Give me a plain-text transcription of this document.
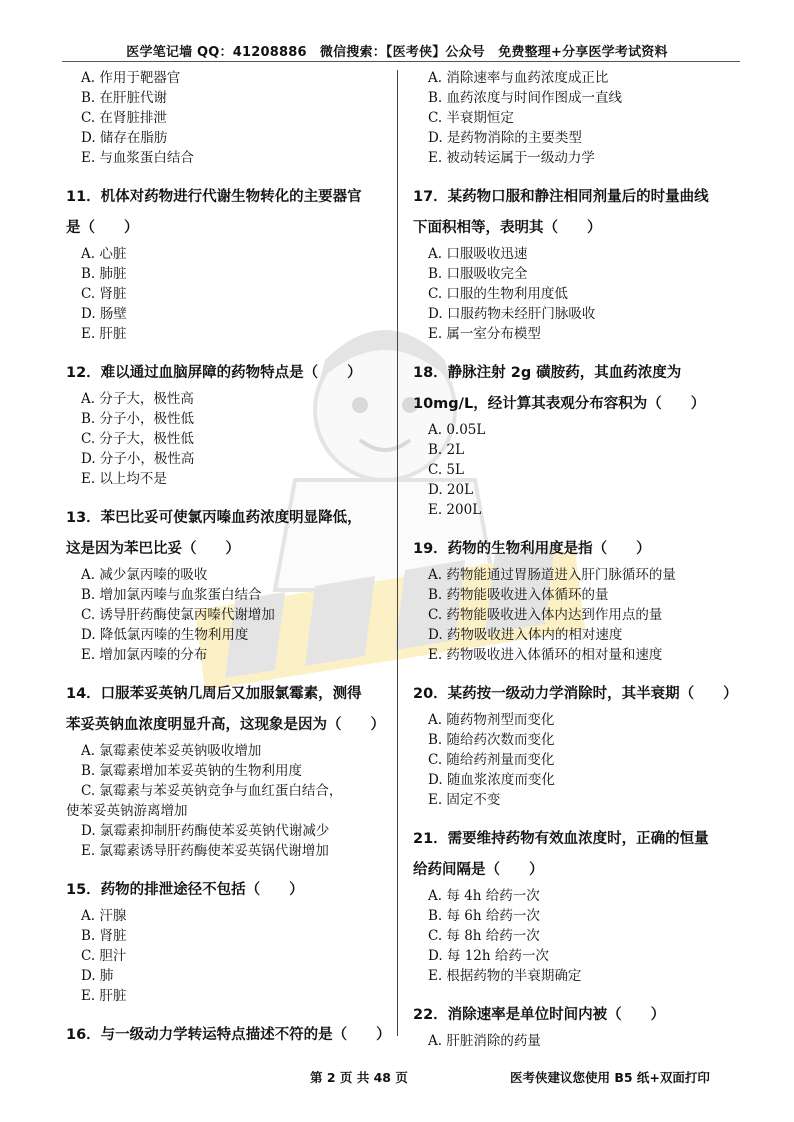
医学笔记墙 QQ：41208886　微信搜索：【医考侠】公众号　免费整理+分享医学考试资料
A. 作用于靶器官
B. 在肝脏代谢
C. 在肾脏排泄
D. 储存在脂肪
E. 与血浆蛋白结合
11．机体对药物进行代谢生物转化的主要器官
是（　　）
A. 心脏
B. 肺脏
C. 肾脏
D. 肠壁
E. 肝脏
12．难以通过血脑屏障的药物特点是（　　）
A. 分子大，极性高
B. 分子小，极性低
C. 分子大，极性低
D. 分子小，极性高
E. 以上均不是
13．苯巴比妥可使氯丙嗪血药浓度明显降低，
这是因为苯巴比妥（　　）
A. 减少氯丙嗪的吸收
B. 增加氯丙嗪与血浆蛋白结合
C. 诱导肝药酶使氯丙嗪代谢增加
D. 降低氯丙嗪的生物利用度
E. 增加氯丙嗪的分布
14．口服苯妥英钠几周后又加服氯霉素，测得
苯妥英钠血浓度明显升高，这现象是因为（　　）
A. 氯霉素使苯妥英钠吸收增加
B. 氯霉素增加苯妥英钠的生物利用度
C. 氯霉素与苯妥英钠竞争与血红蛋白结合，
使苯妥英钠游离增加
D. 氯霉素抑制肝药酶使苯妥英钠代谢减少
E. 氯霉素诱导肝药酶使苯妥英锅代谢增加
15．药物的排泄途径不包括（　　）
A. 汗腺
B. 肾脏
C. 胆汁
D. 肺
E. 肝脏
16．与一级动力学转运特点描述不符的是（　　）
A. 消除速率与血药浓度成正比
B. 血药浓度与时间作图成一直线
C. 半衰期恒定
D. 是药物消除的主要类型
E. 被动转运属于一级动力学
17．某药物口服和静注相同剂量后的时量曲线
下面积相等，表明其（　　）
A. 口服吸收迅速
B. 口服吸收完全
C. 口服的生物利用度低
D. 口服药物未经肝门脉吸收
E. 属一室分布模型
18．静脉注射 2g 磺胺药，其血药浓度为
10mg/L，经计算其表观分布容积为（　　）
A. 0.05L
B. 2L
C. 5L
D. 20L
E. 200L
19．药物的生物利用度是指（　　）
A. 药物能通过胃肠道进入肝门脉循环的量
B. 药物能吸收进入体循环的量
C. 药物能吸收进入体内达到作用点的量
D. 药物吸收进入体内的相对速度
E. 药物吸收进入体循环的相对量和速度
20．某药按一级动力学消除时，其半衰期（　　）
A. 随药物剂型而变化
B. 随给药次数而变化
C. 随给药剂量而变化
D. 随血浆浓度而变化
E. 固定不变
21．需要维持药物有效血浓度时，正确的恒量
给药间隔是（　　）
A. 每 4h 给药一次
B. 每 6h 给药一次
C. 每 8h 给药一次
D. 每 12h 给药一次
E. 根据药物的半衰期确定
22．消除速率是单位时间内被（　　）
A. 肝脏消除的药量
第 2 页 共 48 页	医考侠建议您使用 B5 纸+双面打印
